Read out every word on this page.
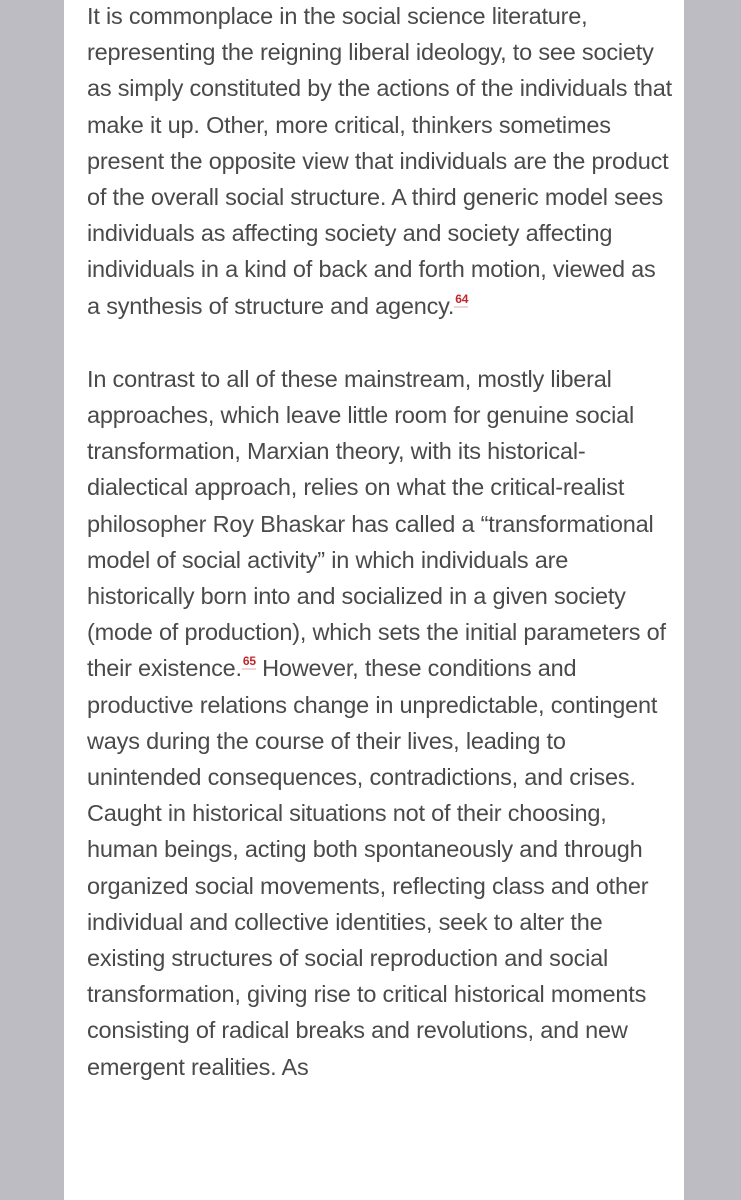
It is commonplace in the social science literature, representing the reigning liberal ideology, to see society as simply constituted by the actions of the individuals that make it up. Other, more critical, thinkers sometimes present the opposite view that individuals are the product of the overall social structure. A third generic model sees individuals as affecting society and society affecting individuals in a kind of back and forth motion, viewed as a synthesis of structure and agency.$^{64}$

In contrast to all of these mainstream, mostly liberal approaches, which leave little room for genuine social transformation, Marxian theory, with its historical-dialectical approach, relies on what the critical-realist philosopher Roy Bhaskar has called a “transformational model of social activity” in which individuals are historically born into and socialized in a given society (mode of production), which sets the initial parameters of their existence.$^{65}$ However, these conditions and productive relations change in unpredictable, contingent ways during the course of their lives, leading to unintended consequences, contradictions, and crises. Caught in historical situations not of their choosing, human beings, acting both spontaneously and through organized social movements, reflecting class and other individual and collective identities, seek to alter the existing structures of social reproduction and social transformation, giving rise to critical historical moments consisting of radical breaks and revolutions, and new emergent realities. As
